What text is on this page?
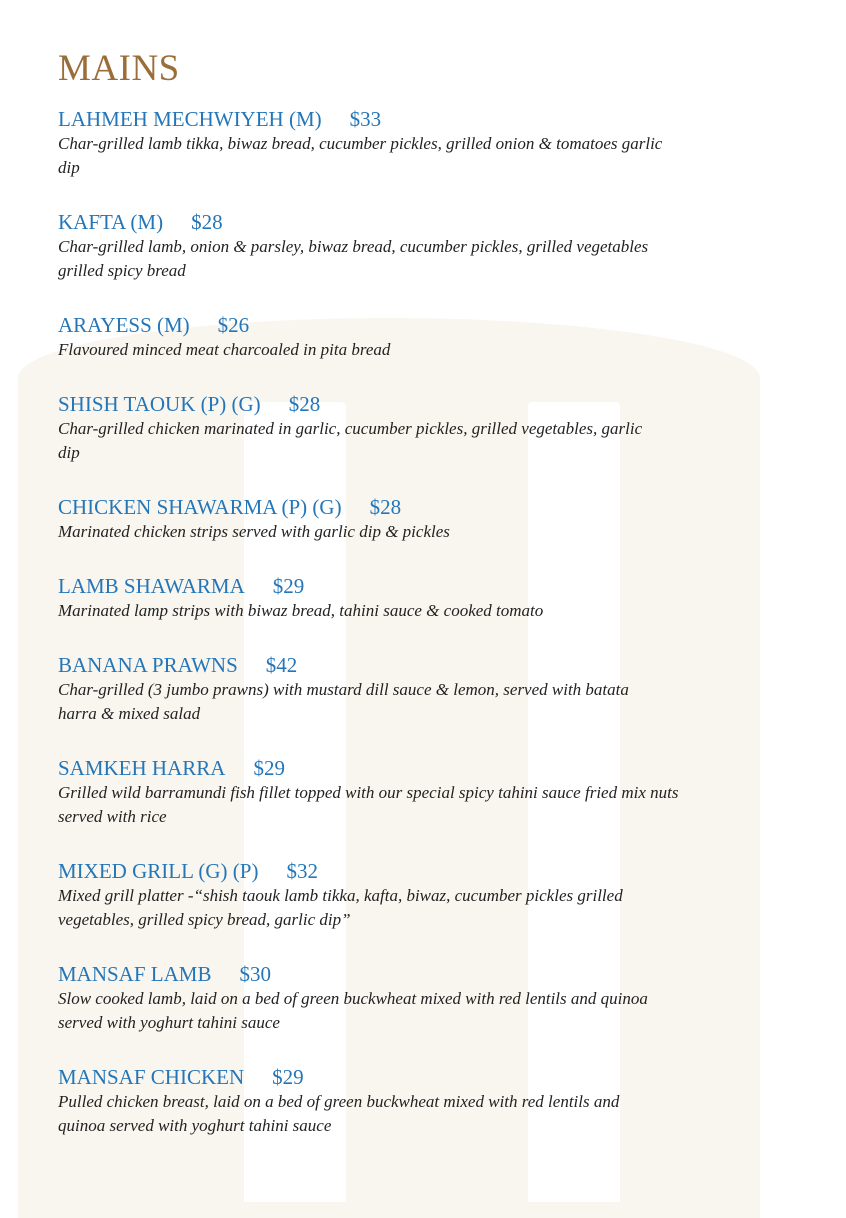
MAINS
LAHMEH MECHWIYEH (M) $33
Char-grilled lamb tikka, biwaz bread, cucumber pickles, grilled onion & tomatoes garlic dip
KAFTA (M) $28
Char-grilled lamb, onion & parsley, biwaz bread, cucumber pickles, grilled vegetables grilled spicy bread
ARAYESS (M) $26
Flavoured minced meat charcoaled in pita bread
SHISH TAOUK (P) (G) $28
Char-grilled chicken marinated in garlic, cucumber pickles, grilled vegetables, garlic dip
CHICKEN SHAWARMA (P) (G) $28
Marinated chicken strips served with garlic dip & pickles
LAMB SHAWARMA $29
Marinated lamp strips with biwaz bread, tahini sauce & cooked tomato
BANANA PRAWNS $42
Char-grilled (3 jumbo prawns) with mustard dill sauce & lemon, served with batata harra & mixed salad
SAMKEH HARRA $29
Grilled wild barramundi fish fillet topped with our special spicy tahini sauce fried mix nuts served with rice
MIXED GRILL (G) (P) $32
Mixed grill platter -“shish taouk lamb tikka, kafta, biwaz, cucumber pickles grilled vegetables, grilled spicy bread, garlic dip”
MANSAF LAMB $30
Slow cooked lamb, laid on a bed of green buckwheat mixed with red lentils and quinoa served with yoghurt tahini sauce
MANSAF CHICKEN $29
Pulled chicken breast, laid on a bed of green buckwheat mixed with red lentils and quinoa served with yoghurt tahini sauce
